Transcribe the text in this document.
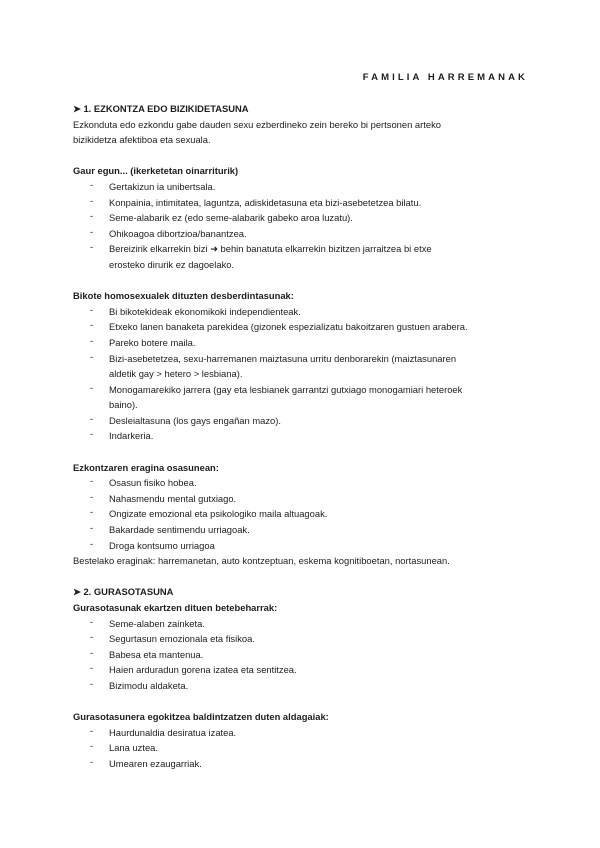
FAMILIA HARREMANAK
➤ 1. EZKONTZA EDO BIZIKIDETASUNA
Ezkonduta edo ezkondu gabe dauden sexu ezberdineko zein bereko bi pertsonen arteko
bizikidetza afektiboa eta sexuala.
Gaur egun... (ikerketetan oinarriturik)
- Gertakizun ia unibertsala.
- Konpainia, intimitatea, laguntza, adiskidetasuna eta bizi-asebetetzea bilatu.
- Seme-alabarik ez (edo seme-alabarik gabeko aroa luzatu).
- Ohikoagoa dibortzioa/banantzea.
- Bereizirik elkarrekin bizi ➜ behin banatuta elkarrekin bizitzen jarraitzea bi etxe
erosteko dirurik ez dagoelako.
Bikote homosexualek dituzten desberdintasunak:
- Bi bikotekideak ekonomikoki independienteak.
- Etxeko lanen banaketa parekidea (gizonek espezializatu bakoitzaren gustuen arabera.
- Pareko botere maila.
- Bizi-asebetetzea, sexu-harremanen maiztasuna urritu denborarekin (maiztasunaren
aldetik gay > hetero > lesbiana).
- Monogamarekiko jarrera (gay eta lesbianek garrantzi gutxiago monogamiari heteroek
baino).
- Desleialtasuna (los gays engañan mazo).
- Indarkeria.
Ezkontzaren eragina osasunean:
- Osasun fisiko hobea.
- Nahasmendu mental gutxiago.
- Ongizate emozional eta psikologiko maila altuagoak.
- Bakardade sentimendu urriagoak.
- Droga kontsumo urriagoa
Bestelako eraginak: harremanetan, auto kontzeptuan, eskema kognitiboetan, nortasunean.
➤ 2. GURASOTASUNA
Gurasotasunak ekartzen dituen betebeharrak:
- Seme-alaben zainketa.
- Segurtasun emozionala eta fisikoa.
- Babesa eta mantenua.
- Haien arduradun gorena izatea eta sentitzea.
- Bizimodu aldaketa.
Gurasotasunera egokitzea baldintzatzen duten aldagaiak:
- Haurdunaldia desiratua izatea.
- Lana uztea.
- Umearen ezaugarriak.
